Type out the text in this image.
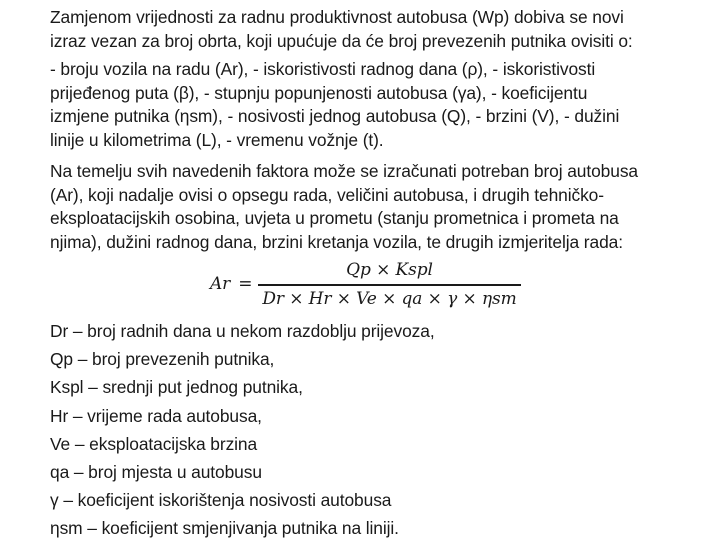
Zamjenom vrijednosti za radnu produktivnost autobusa (Wp) dobiva se novi
izraz vezan za broj obrta, koji upućuje da će broj prevezenih putnika ovisiti o:

- broju vozila na radu (Ar), - iskoristivosti radnog dana (ρ), - iskoristivosti
prijeđenog puta (β), - stupnju popunjenosti autobusa (γa), - koeficijentu
izmjene putnika (ηsm), - nosivosti jednog autobusa (Q), - brzini (V), - dužini
linije u kilometrima (L), - vremenu vožnje (t).

Na temelju svih navedenih faktora može se izračunati potreban broj autobusa
(Ar), koji nadalje ovisi o opsegu rada, veličini autobusa, i drugih tehničko-
eksploatacijskih osobina, uvjeta u prometu (stanju prometnica i prometa na
njima), dužini radnog dana, brzini kretanja vozila, te drugih izmjeritelja rada:

$Ar = \frac{\text{Qp × Kspl}}{\text{Dr × Hr × Ve × qa × γ × ηsm}}$
Dr – broj radnih dana u nekom razdoblju prijevoza,
Qp – broj prevezenih putnika,
Kspl – srednji put jednog putnika,
Hr – vrijeme rada autobusa,
Ve – eksploatacijska brzina
qa – broj mjesta u autobusu
γ – koeficijent iskorištenja nosivosti autobusa
ηsm – koeficijent smjenjivanja putnika na liniji.
